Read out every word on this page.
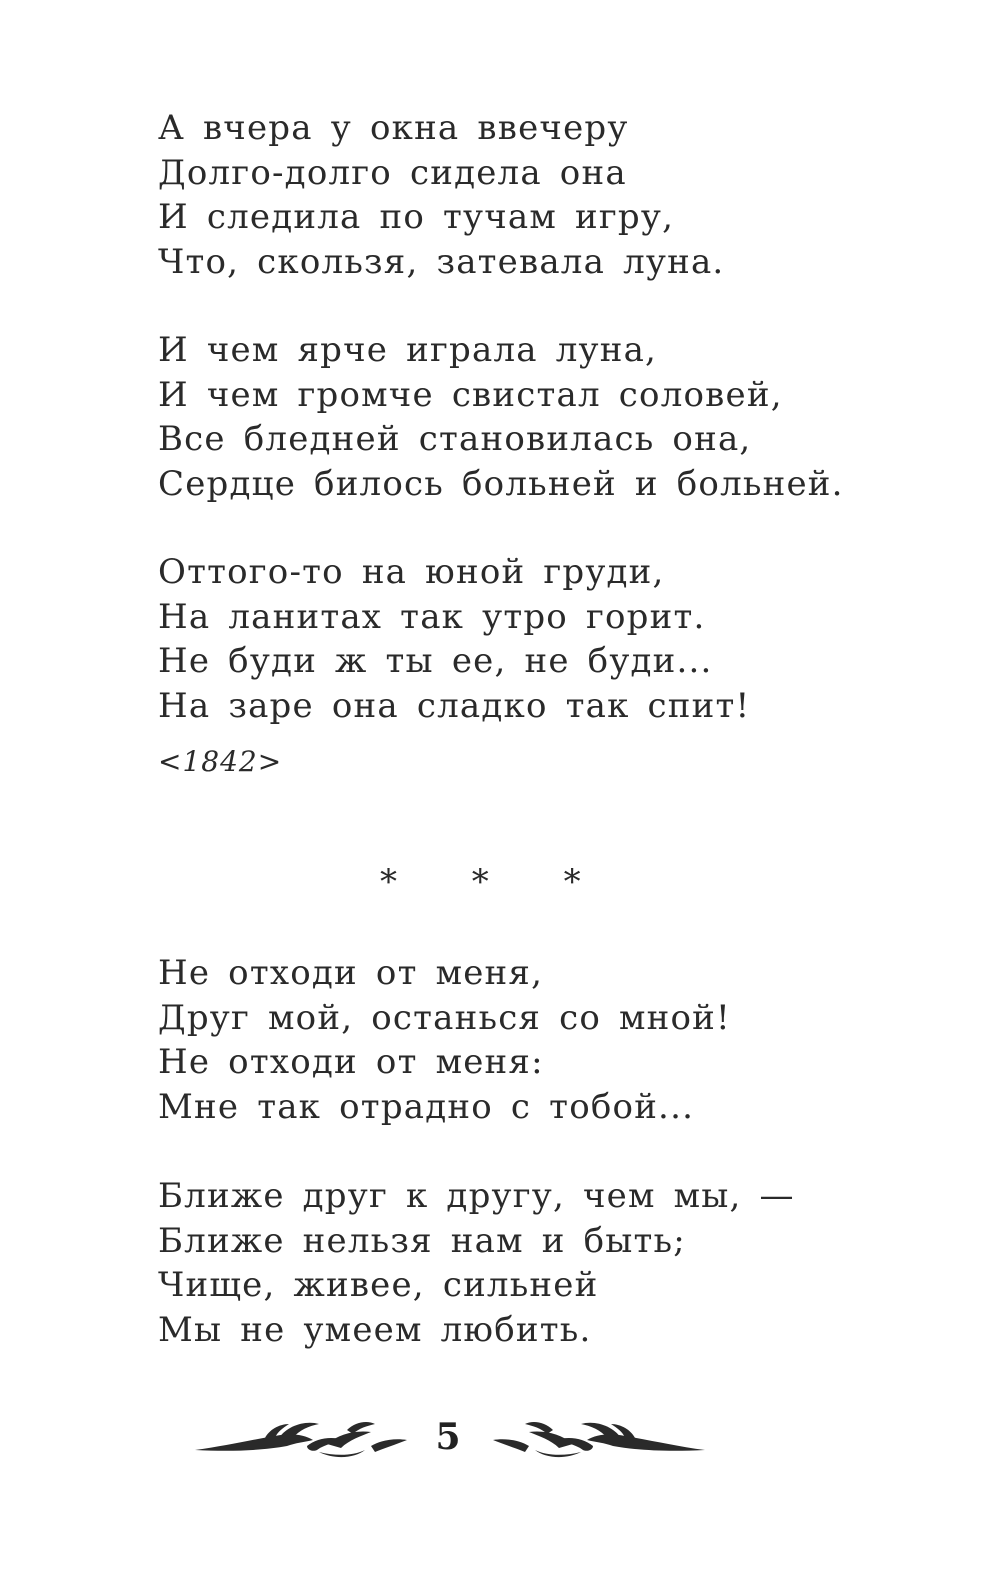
А вчера у окна ввечеру
Долго-долго сидела она
И следила по тучам игру,
Что, скользя, затевала луна.
И чем ярче играла луна,
И чем громче свистал соловей,
Все бледней становилась она,
Сердце билось больней и больней.
Оттого-то на юной груди,
На ланитах так утро горит.
Не буди ж ты ее, не буди...
На заре она сладко так спит!
<1842>
* * *
Не отходи от меня,
Друг мой, останься со мной!
Не отходи от меня:
Мне так отрадно с тобой...
Ближе друг к другу, чем мы, —
Ближе нельзя нам и быть;
Чище, живее, сильней
Мы не умеем любить.
5
